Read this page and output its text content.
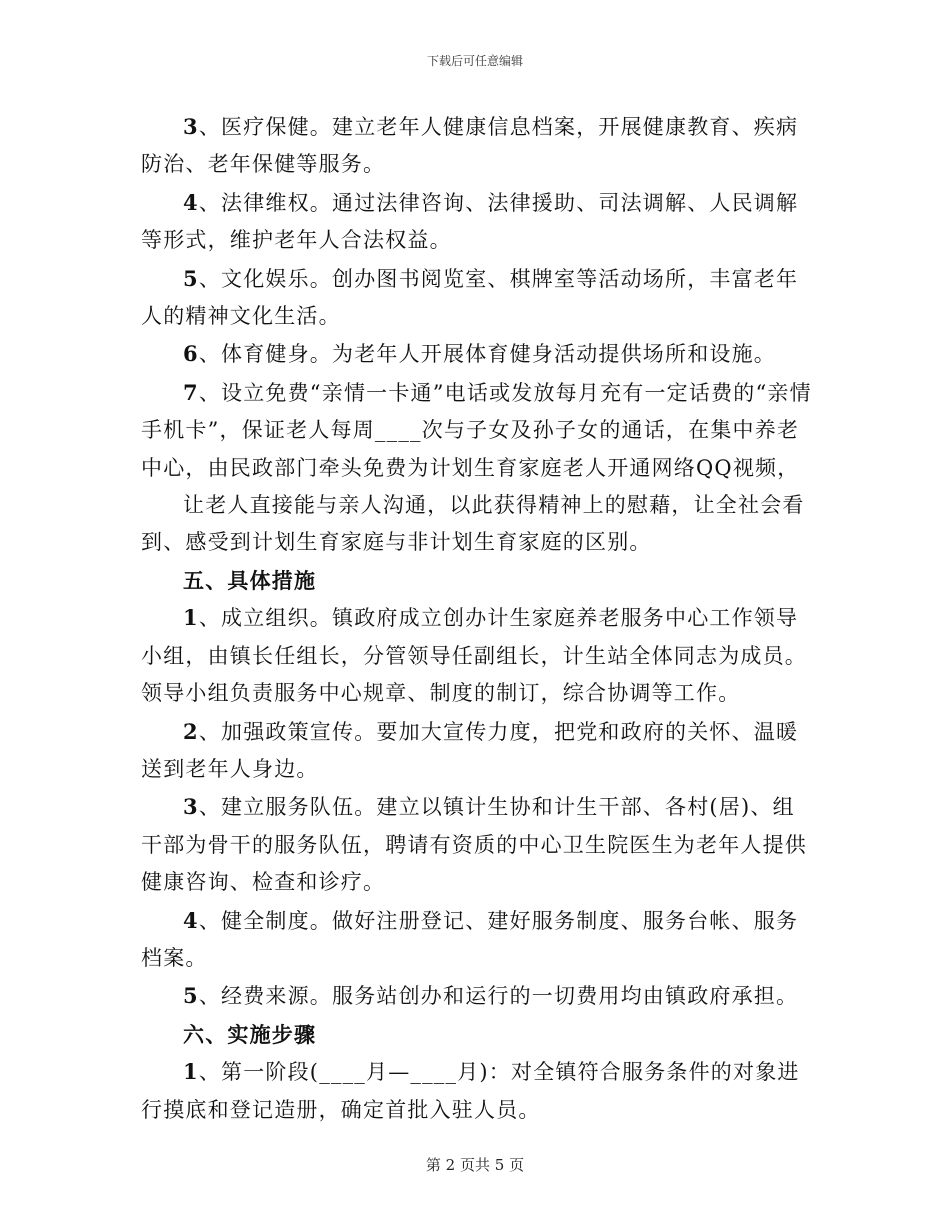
下载后可任意编辑

3、医疗保健。建立老年人健康信息档案，开展健康教育、疾病防治、老年保健等服务。

4、法律维权。通过法律咨询、法律援助、司法调解、人民调解等形式，维护老年人合法权益。

5、文化娱乐。创办图书阅览室、棋牌室等活动场所，丰富老年人的精神文化生活。

6、体育健身。为老年人开展体育健身活动提供场所和设施。

7、设立免费“亲情一卡通”电话或发放每月充有一定话费的“亲情手机卡”，保证老人每周____次与子女及孙子女的通话，在集中养老中心，由民政部门牵头免费为计划生育家庭老人开通网络QQ视频，

让老人直接能与亲人沟通，以此获得精神上的慰藉，让全社会看到、感受到计划生育家庭与非计划生育家庭的区别。

五、具体措施

1、成立组织。镇政府成立创办计生家庭养老服务中心工作领导小组，由镇长任组长，分管领导任副组长，计生站全体同志为成员。领导小组负责服务中心规章、制度的制订，综合协调等工作。

2、加强政策宣传。要加大宣传力度，把党和政府的关怀、温暖送到老年人身边。

3、建立服务队伍。建立以镇计生协和计生干部、各村(居)、组干部为骨干的服务队伍，聘请有资质的中心卫生院医生为老年人提供健康咨询、检查和诊疗。

4、健全制度。做好注册登记、建好服务制度、服务台帐、服务档案。

5、经费来源。服务站创办和运行的一切费用均由镇政府承担。

六、实施步骤

1、第一阶段(____月—____月)：对全镇符合服务条件的对象进行摸底和登记造册，确定首批入驻人员。

第 2 页共 5 页
